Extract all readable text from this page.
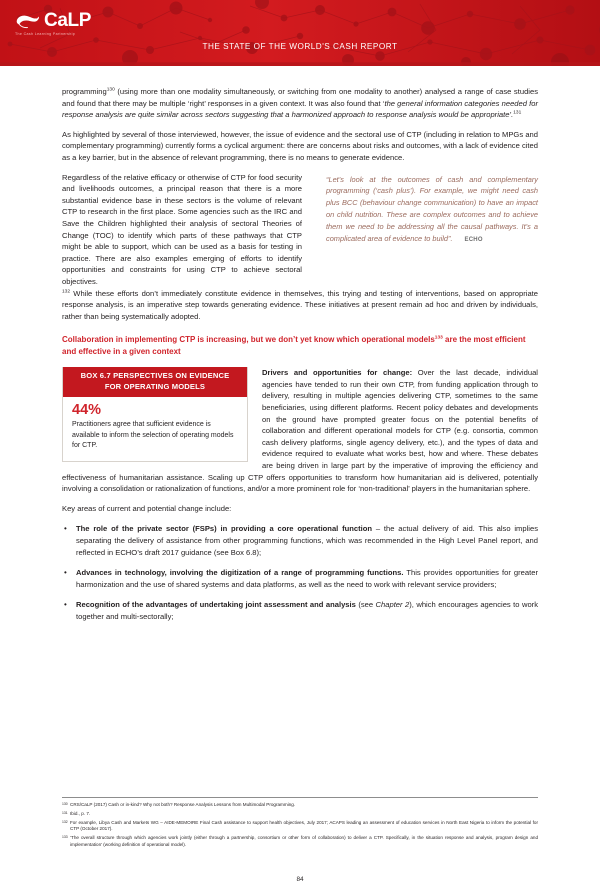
CaLP
The Cash Learning Partnership
THE STATE OF THE WORLD'S CASH REPORT

programming$^{130}$ (using more than one modality simultaneously, or switching from one modality to another) analysed a range of case studies and found that there may be multiple ‘right’ responses in a given context. It was also found that ‘the general information categories needed for response analysis are quite similar across sectors suggesting that a harmonized approach to response analysis would be appropriate’.$^{131}$

As highlighted by several of those interviewed, however, the issue of evidence and the sectoral use of CTP (including in relation to MPGs and complementary programming) currently forms a cyclical argument: there are concerns about risks and outcomes, with a lack of evidence cited as a key barrier, but in the absence of relevant programming, there is no means to generate evidence.

“Let’s look at the outcomes of cash and complementary programming (‘cash plus’). For example, we might need cash plus BCC (behaviour change communication) to have an impact on child nutrition. These are complex outcomes and to achieve them we need to be addressing all the causal pathways. It’s a complicated area of evidence to build”. ECHO

Regardless of the relative efficacy or otherwise of CTP for food security and livelihoods outcomes, a principal reason that there is a more substantial evidence base in these sectors is the volume of relevant CTP to research in the first place. Some agencies such as the IRC and Save the Children highlighted their analysis of sectoral Theories of Change (TOC) to identify which parts of these pathways that CTP might be able to support, which can be used as a basis for testing in practice. There are also examples emerging of efforts to identify opportunities and constraints for using CTP to achieve sectoral objectives.

$^{132}$ While these efforts don’t immediately constitute evidence in themselves, this trying and testing of interventions, based on appropriate response analysis, is an imperative step towards generating evidence. These initiatives at present remain ad hoc and driven by individuals, rather than being systematically adopted.

Collaboration in implementing CTP is increasing, but we don’t yet know which operational models$^{133}$ are the most efficient and effective in a given context
BOX 6.7 PERSPECTIVES ON EVIDENCE
FOR OPERATING MODELS
44%
Practitioners agree that sufficient evidence is available to inform the selection of operating models for CTP.

Drivers and opportunities for change: Over the last decade, individual agencies have tended to run their own CTP, from funding application through to delivery, resulting in multiple agencies delivering CTP, sometimes to the same beneficiaries, using different platforms. Recent policy debates and developments on the ground have prompted greater focus on the potential benefits of collaboration and different operational models for CTP (e.g. consortia, common cash delivery platforms, single agency delivery, etc.), and the types of data and evidence required to evaluate what works best, how and where. These debates are being driven in large part by the imperative of improving the efficiency and effectiveness of humanitarian assistance. Scaling up CTP offers opportunities to transform how humanitarian aid is delivered, potentially involving a consolidation or rationalization of functions, and/or a more prominent role for ‘non-traditional’ players in the humanitarian sphere.

Key areas of current and potential change include:

• The role of the private sector (FSPs) in providing a core operational function – the actual delivery of aid. This also implies separating the delivery of assistance from other programming functions, which was recommended in the High Level Panel report, and reflected in ECHO’s draft 2017 guidance (see Box 6.8);
• Advances in technology, involving the digitization of a range of programming functions. This provides opportunities for greater harmonization and the use of shared systems and data platforms, as well as the need to work with relevant service providers;
• Recognition of the advantages of undertaking joint assessment and analysis (see Chapter 2), which encourages agencies to work together and multi-sectorally;
130 CRS/CaLP (2017) Cash or in-kind? Why not both? Response Analysis Lessons from Multimodal Programming.
131 Ibid., p. 7.
132 For example, Libya Cash and Markets WG – AIDE-MEMOIRE Final Cash assistance to support health objectives, July 2017; ACAPS leading an assessment of education services in North East Nigeria to inform the potential for CTP (October 2017).
133 ‘The overall structure through which agencies work jointly (either through a partnership, consortium or other form of collaboration) to deliver a CTP. Specifically, in the situation response and analysis, program design and implementation’ (working definition of operational model).
84
